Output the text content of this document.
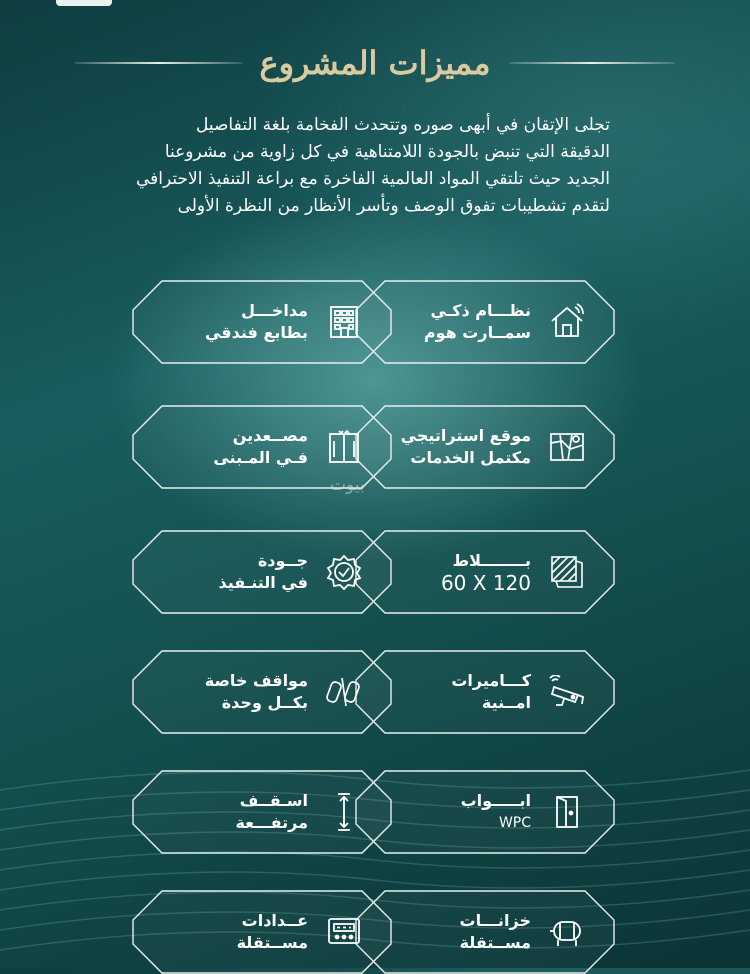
مميزات المشروع
تجلى الإتقان في أبهى صوره وتتحدث الفخامة بلغة التفاصيل
الدقيقة التي تنبض بالجودة اللامتناهية في كل زاوية من مشروعنا
الجديد حيث تلتقي المواد العالمية الفاخرة مع براعة التنفيذ الاحترافي
لتقدم تشطيبات تفوق الوصف وتأسر الأنظار من النظرة الأولى
نظـــام ذكـي
سمــارت هوم
مداخـــل
بطابع فندقي
موقع استراتيجي
مكتمل الخدمات
مصــعدين
فـي المـبنى
بــــــــلاط
60 X 120
جــودة
في التنـفيذ
كـــاميرات
امــنية
مواقف خاصة
بكــل وحدة
ابـــــواب
WPC
اسـقــف
مرتفـــعة
خزانـــات
مســتقلة
عــدادات
مســتقلة
